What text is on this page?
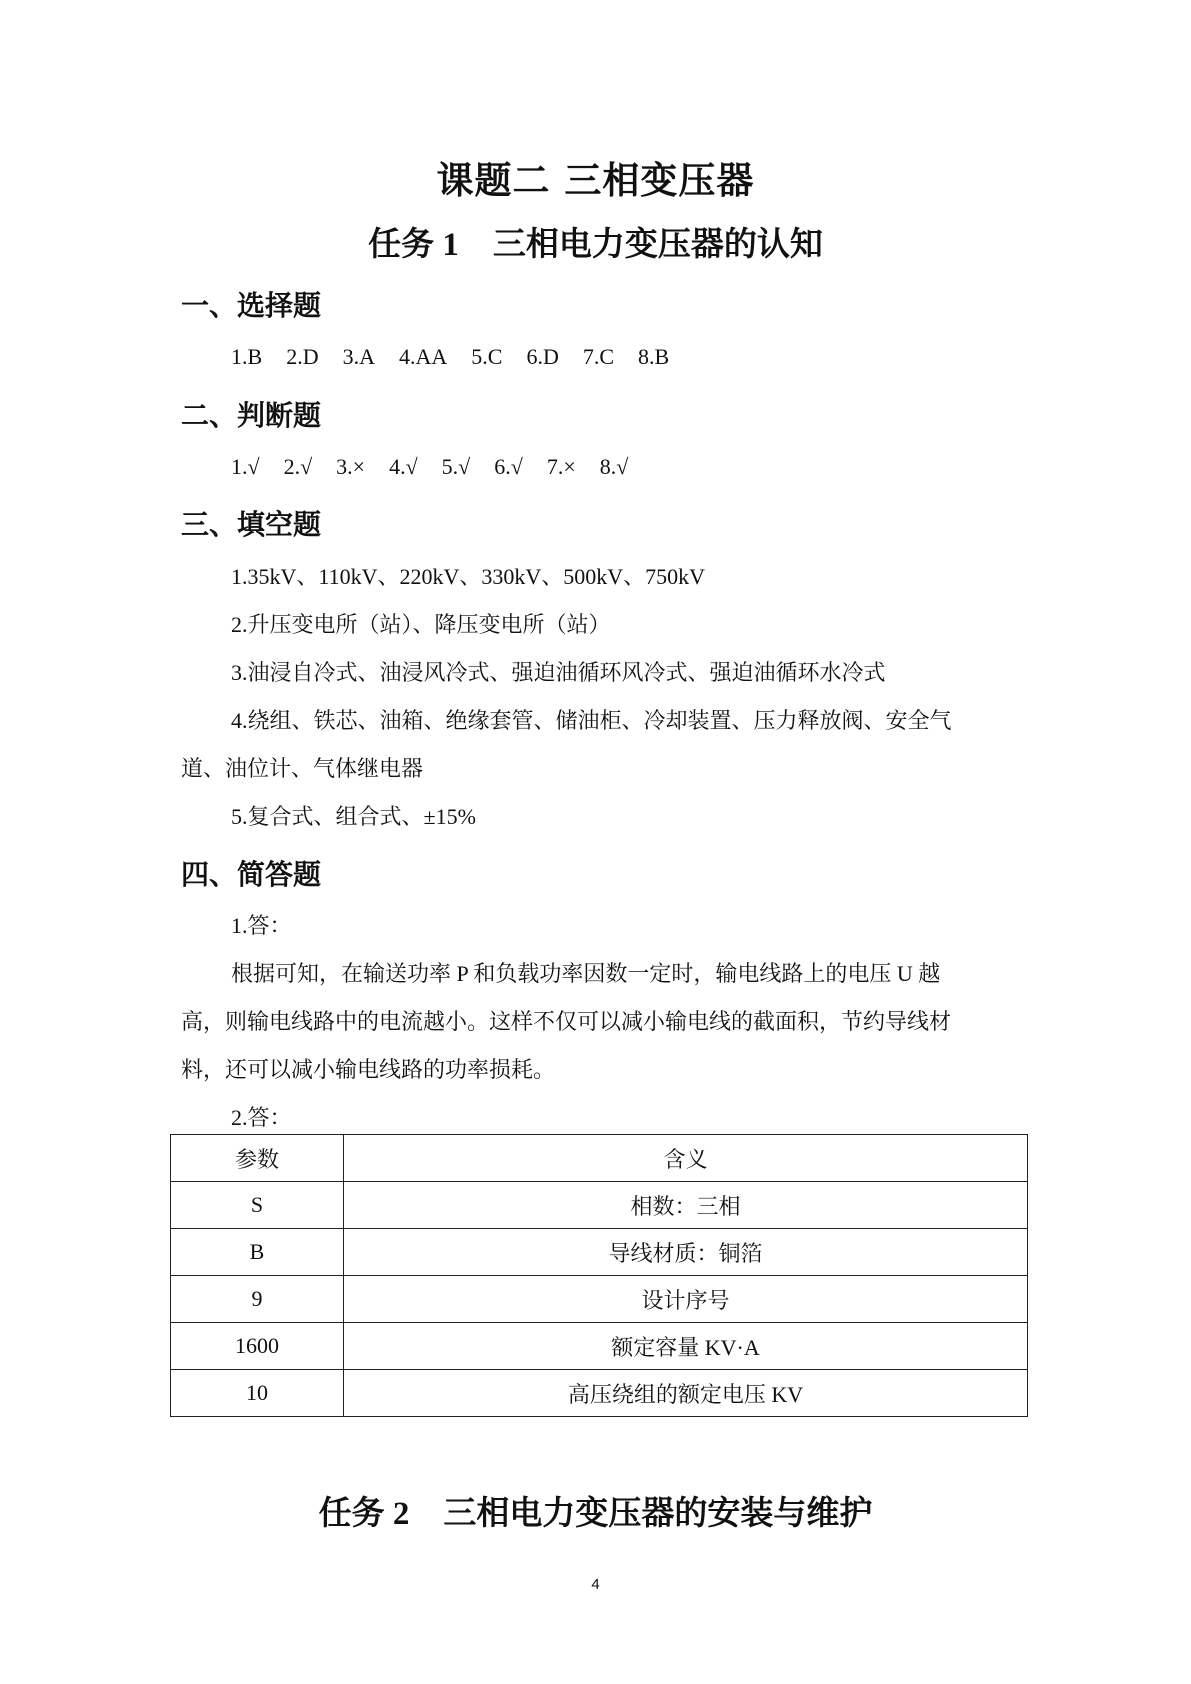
课题二 三相变压器
任务 1 三相电力变压器的认知
一、选择题
1.B 2.D 3.A 4.AA 5.C 6.D 7.C 8.B
二、判断题
1.√ 2.√ 3.× 4.√ 5.√ 6.√ 7.× 8.√
三、填空题
1.35kV、110kV、220kV、330kV、500kV、750kV
2.升压变电所（站）、降压变电所（站）
3.油浸自冷式、油浸风冷式、强迫油循环风冷式、强迫油循环水冷式
4.绕组、铁芯、油箱、绝缘套管、储油柜、冷却装置、压力释放阀、安全气
道、油位计、气体继电器
5.复合式、组合式、±15%
四、简答题
1.答：
根据可知，在输送功率 P 和负载功率因数一定时，输电线路上的电压 U 越
高，则输电线路中的电流越小。这样不仅可以减小输电线的截面积，节约导线材
料，还可以减小输电线路的功率损耗。
2.答：
参数	含义
S	相数：三相
B	导线材质：铜箔
9	设计序号
1600	额定容量 KV·A
10	高压绕组的额定电压 KV
任务 2 三相电力变压器的安装与维护
4
